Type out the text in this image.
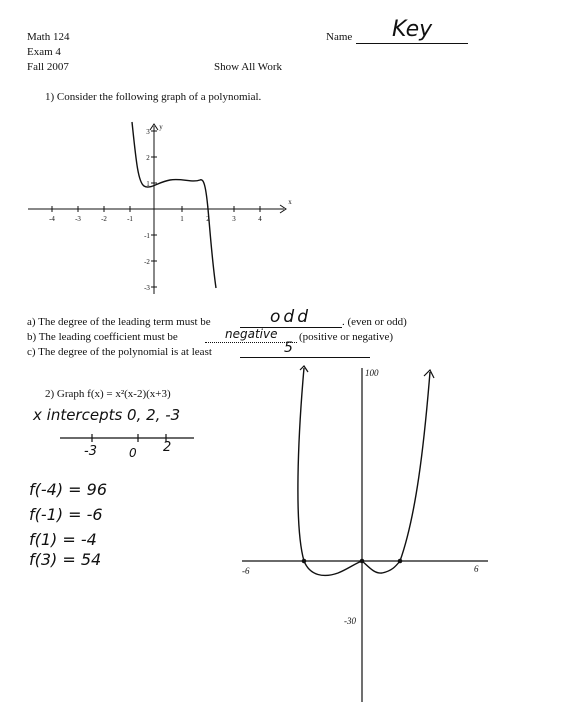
Math 124
Exam 4
Fall 2007	Show All Work
Name Key
1) Consider the following graph of a polynomial.
x
y
-4	-3	-2	-1	1	2	3	4
3
2
1
-1
-2
-3
a) The degree of the leading term must be	odd	. (even or odd)
b) The leading coefficient must be	negative (positive or negative)
c) The degree of the polynomial is at least	5
2) Graph f(x) = x²(x-2)(x+3)
x intercepts 0, 2, -3
-3	0 2
f(-4) = 96
f(-1) = -6
f(1) = -4
f(3) = 54
100
-30
-6	6
